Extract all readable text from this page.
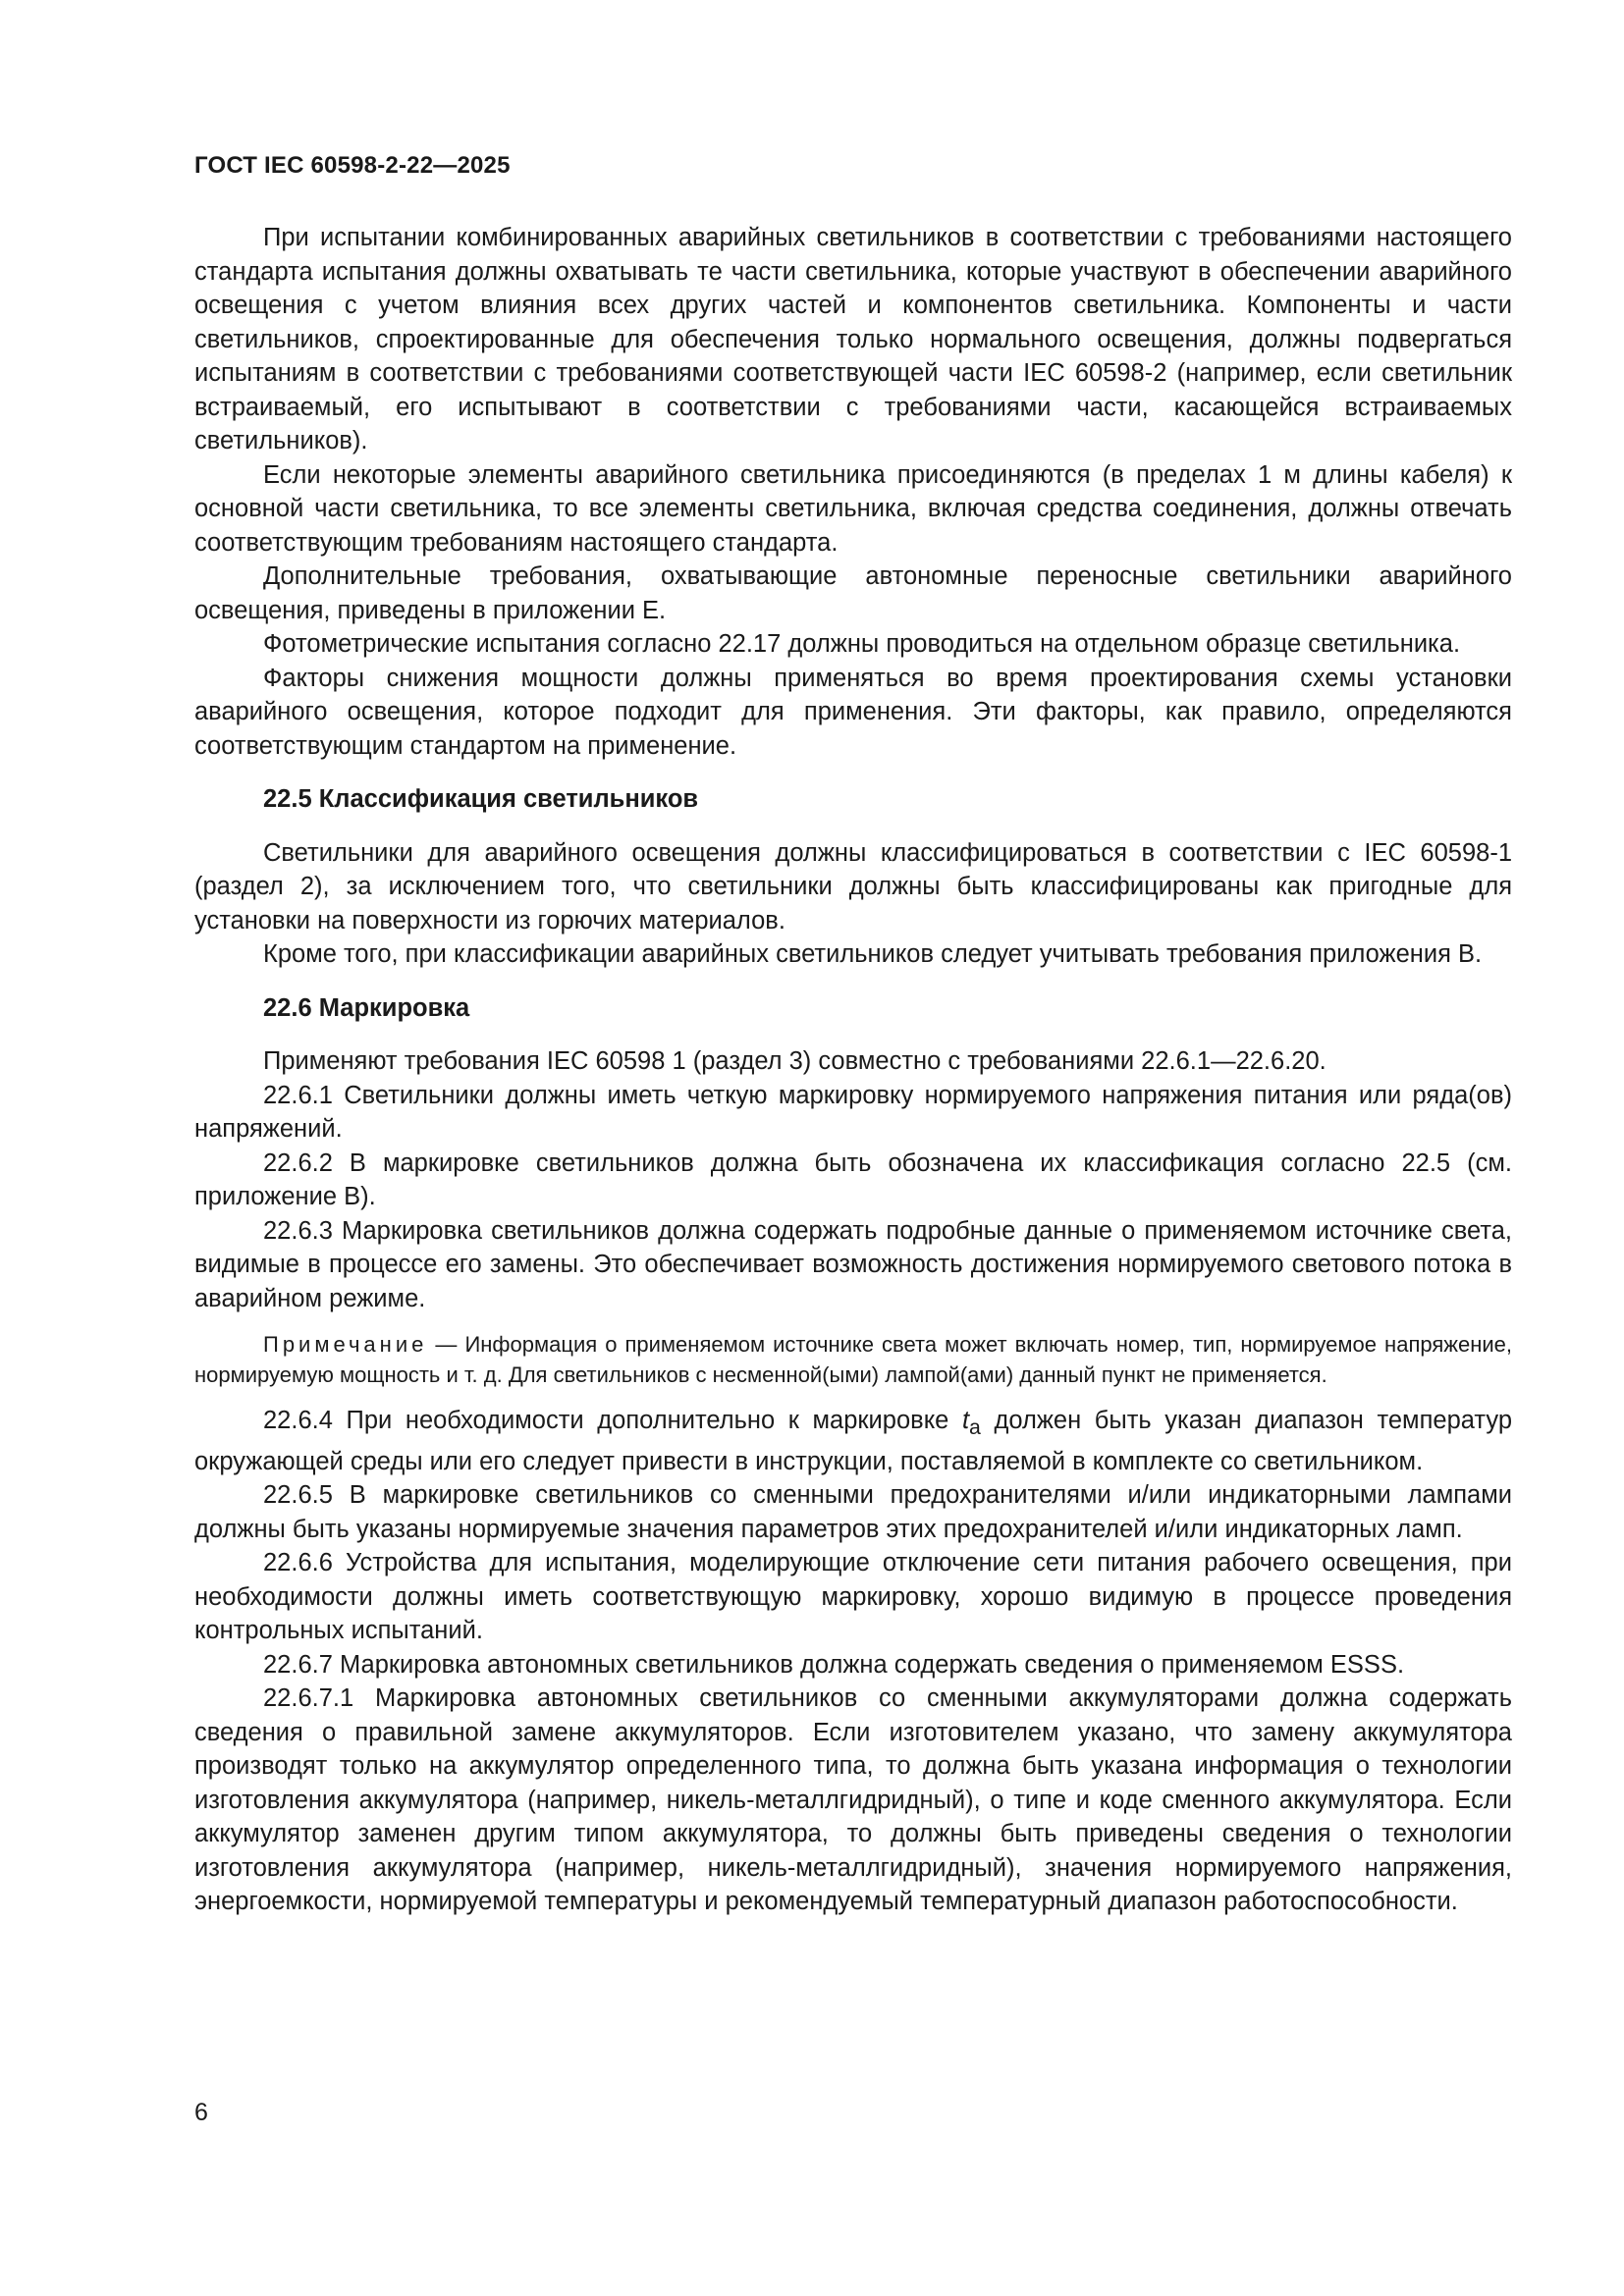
ГОСТ IEC 60598-2-22—2025

При испытании комбинированных аварийных светильников в соответствии с требованиями настоящего стандарта испытания должны охватывать те части светильника, которые участвуют в обеспечении аварийного освещения с учетом влияния всех других частей и компонентов светильника. Компоненты и части светильников, спроектированные для обеспечения только нормального освещения, должны подвергаться испытаниям в соответствии с требованиями соответствующей части IEC 60598-2 (например, если светильник встраиваемый, его испытывают в соответствии с требованиями части, касающейся встраиваемых светильников).

Если некоторые элементы аварийного светильника присоединяются (в пределах 1 м длины кабеля) к основной части светильника, то все элементы светильника, включая средства соединения, должны отвечать соответствующим требованиям настоящего стандарта.

Дополнительные требования, охватывающие автономные переносные светильники аварийного освещения, приведены в приложении Е.

Фотометрические испытания согласно 22.17 должны проводиться на отдельном образце светильника.

Факторы снижения мощности должны применяться во время проектирования схемы установки аварийного освещения, которое подходит для применения. Эти факторы, как правило, определяются соответствующим стандартом на применение.

22.5 Классификация светильников

Светильники для аварийного освещения должны классифицироваться в соответствии с IEC 60598-1 (раздел 2), за исключением того, что светильники должны быть классифицированы как пригодные для установки на поверхности из горючих материалов.

Кроме того, при классификации аварийных светильников следует учитывать требования приложения В.

22.6 Маркировка

Применяют требования IEC 60598 1 (раздел 3) совместно с требованиями 22.6.1—22.6.20.

22.6.1 Светильники должны иметь четкую маркировку нормируемого напряжения питания или ряда(ов) напряжений.

22.6.2 В маркировке светильников должна быть обозначена их классификация согласно 22.5 (см. приложение В).

22.6.3 Маркировка светильников должна содержать подробные данные о применяемом источнике света, видимые в процессе его замены. Это обеспечивает возможность достижения нормируемого светового потока в аварийном режиме.

Примечание — Информация о применяемом источнике света может включать номер, тип, нормируемое напряжение, нормируемую мощность и т. д. Для светильников с несменной(ыми) лампой(ами) данный пункт не применяется.

22.6.4 При необходимости дополнительно к маркировке $t_a$ должен быть указан диапазон температур окружающей среды или его следует привести в инструкции, поставляемой в комплекте со светильником.

22.6.5 В маркировке светильников со сменными предохранителями и/или индикаторными лампами должны быть указаны нормируемые значения параметров этих предохранителей и/или индикаторных ламп.

22.6.6 Устройства для испытания, моделирующие отключение сети питания рабочего освещения, при необходимости должны иметь соответствующую маркировку, хорошо видимую в процессе проведения контрольных испытаний.

22.6.7 Маркировка автономных светильников должна содержать сведения о применяемом ESSS.

22.6.7.1 Маркировка автономных светильников со сменными аккумуляторами должна содержать сведения о правильной замене аккумуляторов. Если изготовителем указано, что замену аккумулятора производят только на аккумулятор определенного типа, то должна быть указана информация о технологии изготовления аккумулятора (например, никель-металлгидридный), о типе и коде сменного аккумулятора. Если аккумулятор заменен другим типом аккумулятора, то должны быть приведены сведения о технологии изготовления аккумулятора (например, никель-металлгидридный), значения нормируемого напряжения, энергоемкости, нормируемой температуры и рекомендуемый температурный диапазон работоспособности.

6
